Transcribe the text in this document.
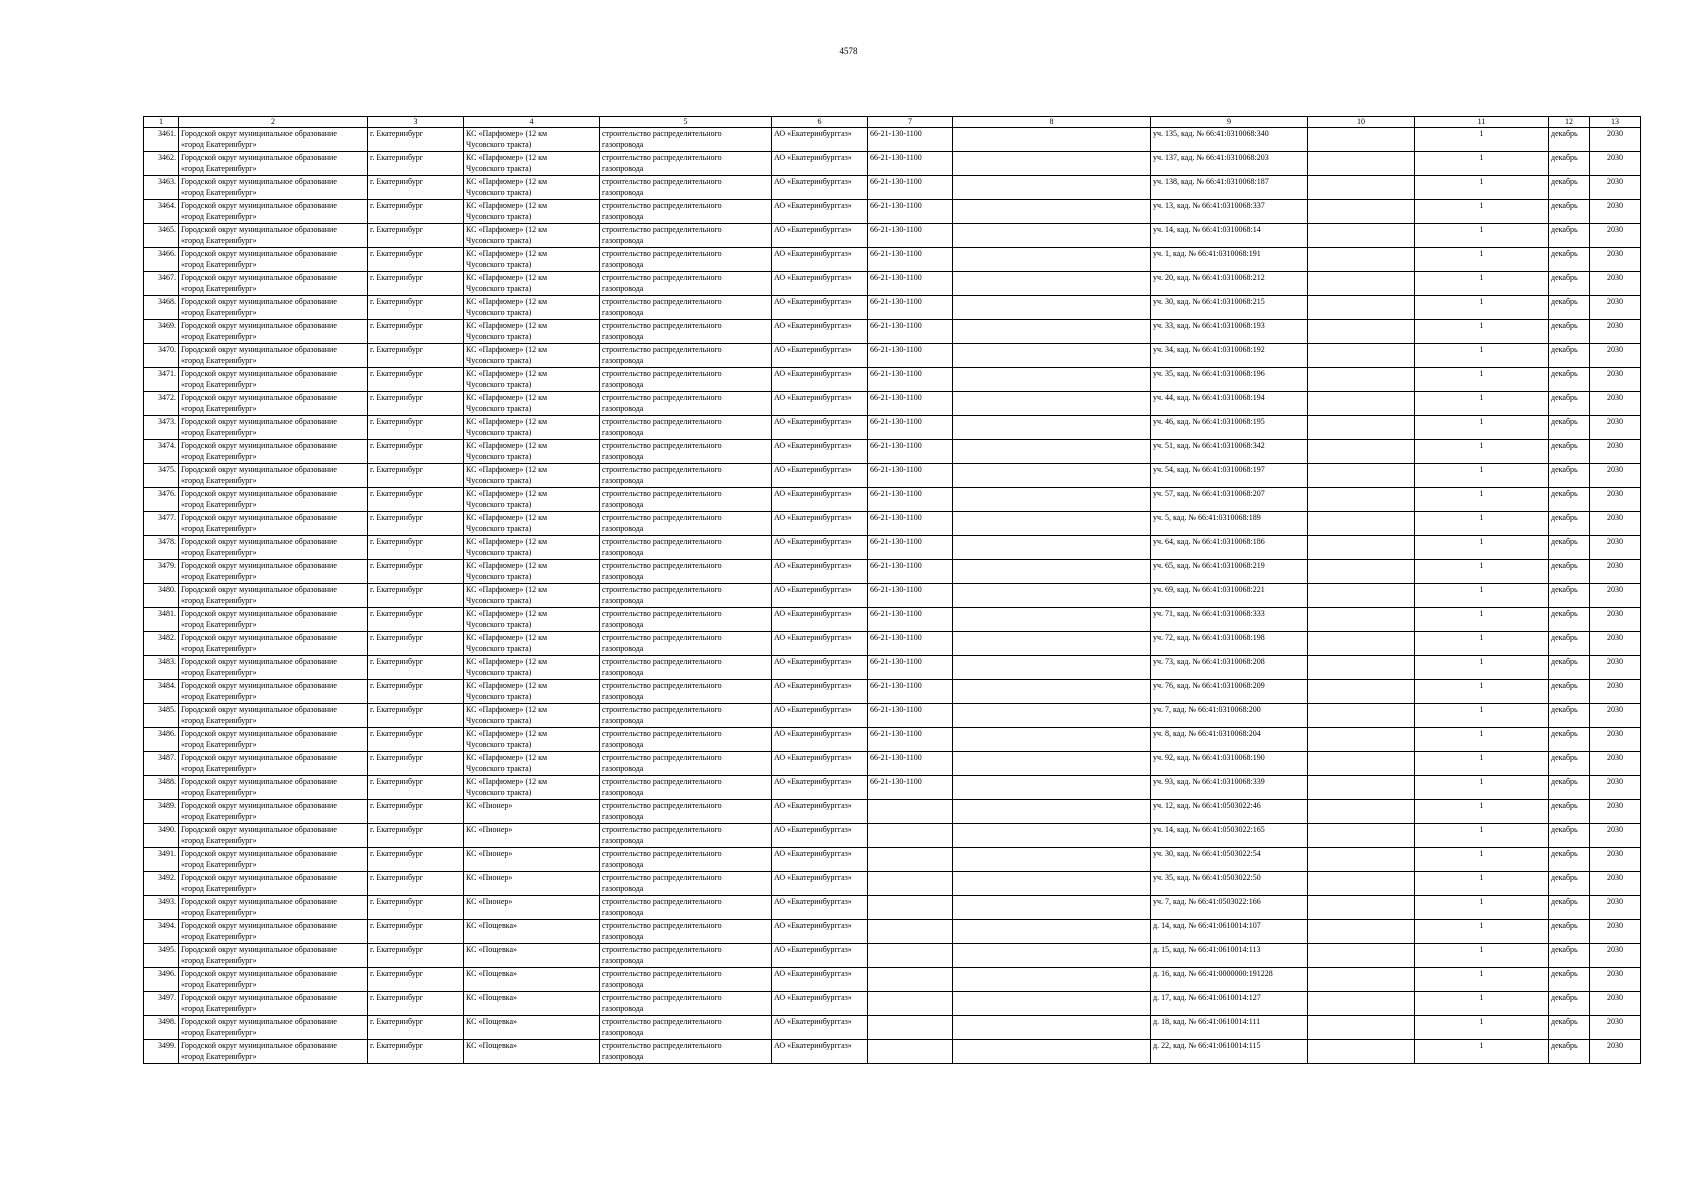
4578
1	2	3	4	5	6	7	8	9	10	11	12	13

3461.	Городской округ муниципальное образование
«город Екатеринбург»	г. Екатеринбург	КС «Парфюмер» (12 км
Чусовского тракта)	строительство распределительного
газопровода	АО «Екатеринбурггаз»	66-21-130-1100		уч. 135, кад. № 66:41:0310068:340		1	декабрь	2030

3462.	Городской округ муниципальное образование
«город Екатеринбург»	г. Екатеринбург	КС «Парфюмер» (12 км
Чусовского тракта)	строительство распределительного
газопровода	АО «Екатеринбурггаз»	66-21-130-1100		уч. 137, кад. № 66:41:0310068:203		1	декабрь	2030

3463.	Городской округ муниципальное образование
«город Екатеринбург»	г. Екатеринбург	КС «Парфюмер» (12 км
Чусовского тракта)	строительство распределительного
газопровода	АО «Екатеринбурггаз»	66-21-130-1100		уч. 138, кад. № 66:41:0310068:187		1	декабрь	2030

3464.	Городской округ муниципальное образование
«город Екатеринбург»	г. Екатеринбург	КС «Парфюмер» (12 км
Чусовского тракта)	строительство распределительного
газопровода	АО «Екатеринбурггаз»	66-21-130-1100		уч. 13, кад. № 66:41:0310068:337		1	декабрь	2030

3465.	Городской округ муниципальное образование
«город Екатеринбург»	г. Екатеринбург	КС «Парфюмер» (12 км
Чусовского тракта)	строительство распределительного
газопровода	АО «Екатеринбурггаз»	66-21-130-1100		уч. 14, кад. № 66:41:0310068:14		1	декабрь	2030

3466.	Городской округ муниципальное образование
«город Екатеринбург»	г. Екатеринбург	КС «Парфюмер» (12 км
Чусовского тракта)	строительство распределительного
газопровода	АО «Екатеринбурггаз»	66-21-130-1100		уч. 1, кад. № 66:41:0310068:191		1	декабрь	2030

3467.	Городской округ муниципальное образование
«город Екатеринбург»	г. Екатеринбург	КС «Парфюмер» (12 км
Чусовского тракта)	строительство распределительного
газопровода	АО «Екатеринбурггаз»	66-21-130-1100		уч. 20, кад. № 66:41:0310068:212		1	декабрь	2030

3468.	Городской округ муниципальное образование
«город Екатеринбург»	г. Екатеринбург	КС «Парфюмер» (12 км
Чусовского тракта)	строительство распределительного
газопровода	АО «Екатеринбурггаз»	66-21-130-1100		уч. 30, кад. № 66:41:0310068:215		1	декабрь	2030

3469.	Городской округ муниципальное образование
«город Екатеринбург»	г. Екатеринбург	КС «Парфюмер» (12 км
Чусовского тракта)	строительство распределительного
газопровода	АО «Екатеринбурггаз»	66-21-130-1100		уч. 33, кад. № 66:41:0310068:193		1	декабрь	2030

3470.	Городской округ муниципальное образование
«город Екатеринбург»	г. Екатеринбург	КС «Парфюмер» (12 км
Чусовского тракта)	строительство распределительного
газопровода	АО «Екатеринбурггаз»	66-21-130-1100		уч. 34, кад. № 66:41:0310068:192		1	декабрь	2030

3471.	Городской округ муниципальное образование
«город Екатеринбург»	г. Екатеринбург	КС «Парфюмер» (12 км
Чусовского тракта)	строительство распределительного
газопровода	АО «Екатеринбурггаз»	66-21-130-1100		уч. 35, кад. № 66:41:0310068:196		1	декабрь	2030

3472.	Городской округ муниципальное образование
«город Екатеринбург»	г. Екатеринбург	КС «Парфюмер» (12 км
Чусовского тракта)	строительство распределительного
газопровода	АО «Екатеринбурггаз»	66-21-130-1100		уч. 44, кад. № 66:41:0310068:194		1	декабрь	2030

3473.	Городской округ муниципальное образование
«город Екатеринбург»	г. Екатеринбург	КС «Парфюмер» (12 км
Чусовского тракта)	строительство распределительного
газопровода	АО «Екатеринбурггаз»	66-21-130-1100		уч. 46, кад. № 66:41:0310068:195		1	декабрь	2030

3474.	Городской округ муниципальное образование
«город Екатеринбург»	г. Екатеринбург	КС «Парфюмер» (12 км
Чусовского тракта)	строительство распределительного
газопровода	АО «Екатеринбурггаз»	66-21-130-1100		уч. 51, кад. № 66:41:0310068:342		1	декабрь	2030

3475.	Городской округ муниципальное образование
«город Екатеринбург»	г. Екатеринбург	КС «Парфюмер» (12 км
Чусовского тракта)	строительство распределительного
газопровода	АО «Екатеринбурггаз»	66-21-130-1100		уч. 54, кад. № 66:41:0310068:197		1	декабрь	2030

3476.	Городской округ муниципальное образование
«город Екатеринбург»	г. Екатеринбург	КС «Парфюмер» (12 км
Чусовского тракта)	строительство распределительного
газопровода	АО «Екатеринбурггаз»	66-21-130-1100		уч. 57, кад. № 66:41:0310068:207		1	декабрь	2030

3477.	Городской округ муниципальное образование
«город Екатеринбург»	г. Екатеринбург	КС «Парфюмер» (12 км
Чусовского тракта)	строительство распределительного
газопровода	АО «Екатеринбурггаз»	66-21-130-1100		уч. 5, кад. № 66:41:0310068:189		1	декабрь	2030

3478.	Городской округ муниципальное образование
«город Екатеринбург»	г. Екатеринбург	КС «Парфюмер» (12 км
Чусовского тракта)	строительство распределительного
газопровода	АО «Екатеринбурггаз»	66-21-130-1100		уч. 64, кад. № 66:41:0310068:186		1	декабрь	2030

3479.	Городской округ муниципальное образование
«город Екатеринбург»	г. Екатеринбург	КС «Парфюмер» (12 км
Чусовского тракта)	строительство распределительного
газопровода	АО «Екатеринбурггаз»	66-21-130-1100		уч. 65, кад. № 66:41:0310068:219		1	декабрь	2030

3480.	Городской округ муниципальное образование
«город Екатеринбург»	г. Екатеринбург	КС «Парфюмер» (12 км
Чусовского тракта)	строительство распределительного
газопровода	АО «Екатеринбурггаз»	66-21-130-1100		уч. 69, кад. № 66:41:0310068:221		1	декабрь	2030

3481.	Городской округ муниципальное образование
«город Екатеринбург»	г. Екатеринбург	КС «Парфюмер» (12 км
Чусовского тракта)	строительство распределительного
газопровода	АО «Екатеринбурггаз»	66-21-130-1100		уч. 71, кад. № 66:41:0310068:333		1	декабрь	2030

3482.	Городской округ муниципальное образование
«город Екатеринбург»	г. Екатеринбург	КС «Парфюмер» (12 км
Чусовского тракта)	строительство распределительного
газопровода	АО «Екатеринбурггаз»	66-21-130-1100		уч. 72, кад. № 66:41:0310068:198		1	декабрь	2030

3483.	Городской округ муниципальное образование
«город Екатеринбург»	г. Екатеринбург	КС «Парфюмер» (12 км
Чусовского тракта)	строительство распределительного
газопровода	АО «Екатеринбурггаз»	66-21-130-1100		уч. 73, кад. № 66:41:0310068:208		1	декабрь	2030

3484.	Городской округ муниципальное образование
«город Екатеринбург»	г. Екатеринбург	КС «Парфюмер» (12 км
Чусовского тракта)	строительство распределительного
газопровода	АО «Екатеринбурггаз»	66-21-130-1100		уч. 76, кад. № 66:41:0310068:209		1	декабрь	2030

3485.	Городской округ муниципальное образование
«город Екатеринбург»	г. Екатеринбург	КС «Парфюмер» (12 км
Чусовского тракта)	строительство распределительного
газопровода	АО «Екатеринбурггаз»	66-21-130-1100		уч. 7, кад. № 66:41:0310068:200		1	декабрь	2030

3486.	Городской округ муниципальное образование
«город Екатеринбург»	г. Екатеринбург	КС «Парфюмер» (12 км
Чусовского тракта)	строительство распределительного
газопровода	АО «Екатеринбурггаз»	66-21-130-1100		уч. 8, кад. № 66:41:0310068:204		1	декабрь	2030

3487.	Городской округ муниципальное образование
«город Екатеринбург»	г. Екатеринбург	КС «Парфюмер» (12 км
Чусовского тракта)	строительство распределительного
газопровода	АО «Екатеринбурггаз»	66-21-130-1100		уч. 92, кад. № 66:41:0310068:190		1	декабрь	2030

3488.	Городской округ муниципальное образование
«город Екатеринбург»	г. Екатеринбург	КС «Парфюмер» (12 км
Чусовского тракта)	строительство распределительного
газопровода	АО «Екатеринбурггаз»	66-21-130-1100		уч. 93, кад. № 66:41:0310068:339		1	декабрь	2030

3489.	Городской округ муниципальное образование
«город Екатеринбург»	г. Екатеринбург	КС «Пионер»	строительство распределительного
газопровода	АО «Екатеринбурггаз»			уч. 12, кад. № 66:41:0503022:46		1	декабрь	2030

3490.	Городской округ муниципальное образование
«город Екатеринбург»	г. Екатеринбург	КС «Пионер»	строительство распределительного
газопровода	АО «Екатеринбурггаз»			уч. 14, кад. № 66:41:0503022:165		1	декабрь	2030

3491.	Городской округ муниципальное образование
«город Екатеринбург»	г. Екатеринбург	КС «Пионер»	строительство распределительного
газопровода	АО «Екатеринбурггаз»			уч. 30, кад. № 66:41:0503022:54		1	декабрь	2030

3492.	Городской округ муниципальное образование
«город Екатеринбург»	г. Екатеринбург	КС «Пионер»	строительство распределительного
газопровода	АО «Екатеринбурггаз»			уч. 35, кад. № 66:41:0503022:50		1	декабрь	2030

3493.	Городской округ муниципальное образование
«город Екатеринбург»	г. Екатеринбург	КС «Пионер»	строительство распределительного
газопровода	АО «Екатеринбурггаз»			уч. 7, кад. № 66:41:0503022:166		1	декабрь	2030

3494.	Городской округ муниципальное образование
«город Екатеринбург»	г. Екатеринбург	КС «Пощевка»	строительство распределительного
газопровода	АО «Екатеринбурггаз»			д. 14, кад. № 66:41:0610014:107		1	декабрь	2030

3495.	Городской округ муниципальное образование
«город Екатеринбург»	г. Екатеринбург	КС «Пощевка»	строительство распределительного
газопровода	АО «Екатеринбурггаз»			д. 15, кад. № 66:41:0610014:113		1	декабрь	2030

3496.	Городской округ муниципальное образование
«город Екатеринбург»	г. Екатеринбург	КС «Пощевка»	строительство распределительного
газопровода	АО «Екатеринбурггаз»			д. 16, кад. № 66:41:0000000:191228		1	декабрь	2030

3497.	Городской округ муниципальное образование
«город Екатеринбург»	г. Екатеринбург	КС «Пощевка»	строительство распределительного
газопровода	АО «Екатеринбурггаз»			д. 17, кад. № 66:41:0610014:127		1	декабрь	2030

3498.	Городской округ муниципальное образование
«город Екатеринбург»	г. Екатеринбург	КС «Пощевка»	строительство распределительного
газопровода	АО «Екатеринбурггаз»			д. 18, кад. № 66:41:0610014:111		1	декабрь	2030

3499.	Городской округ муниципальное образование
«город Екатеринбург»	г. Екатеринбург	КС «Пощевка»	строительство распределительного
газопровода	АО «Екатеринбурггаз»			д. 22, кад. № 66:41:0610014:115		1	декабрь	2030
